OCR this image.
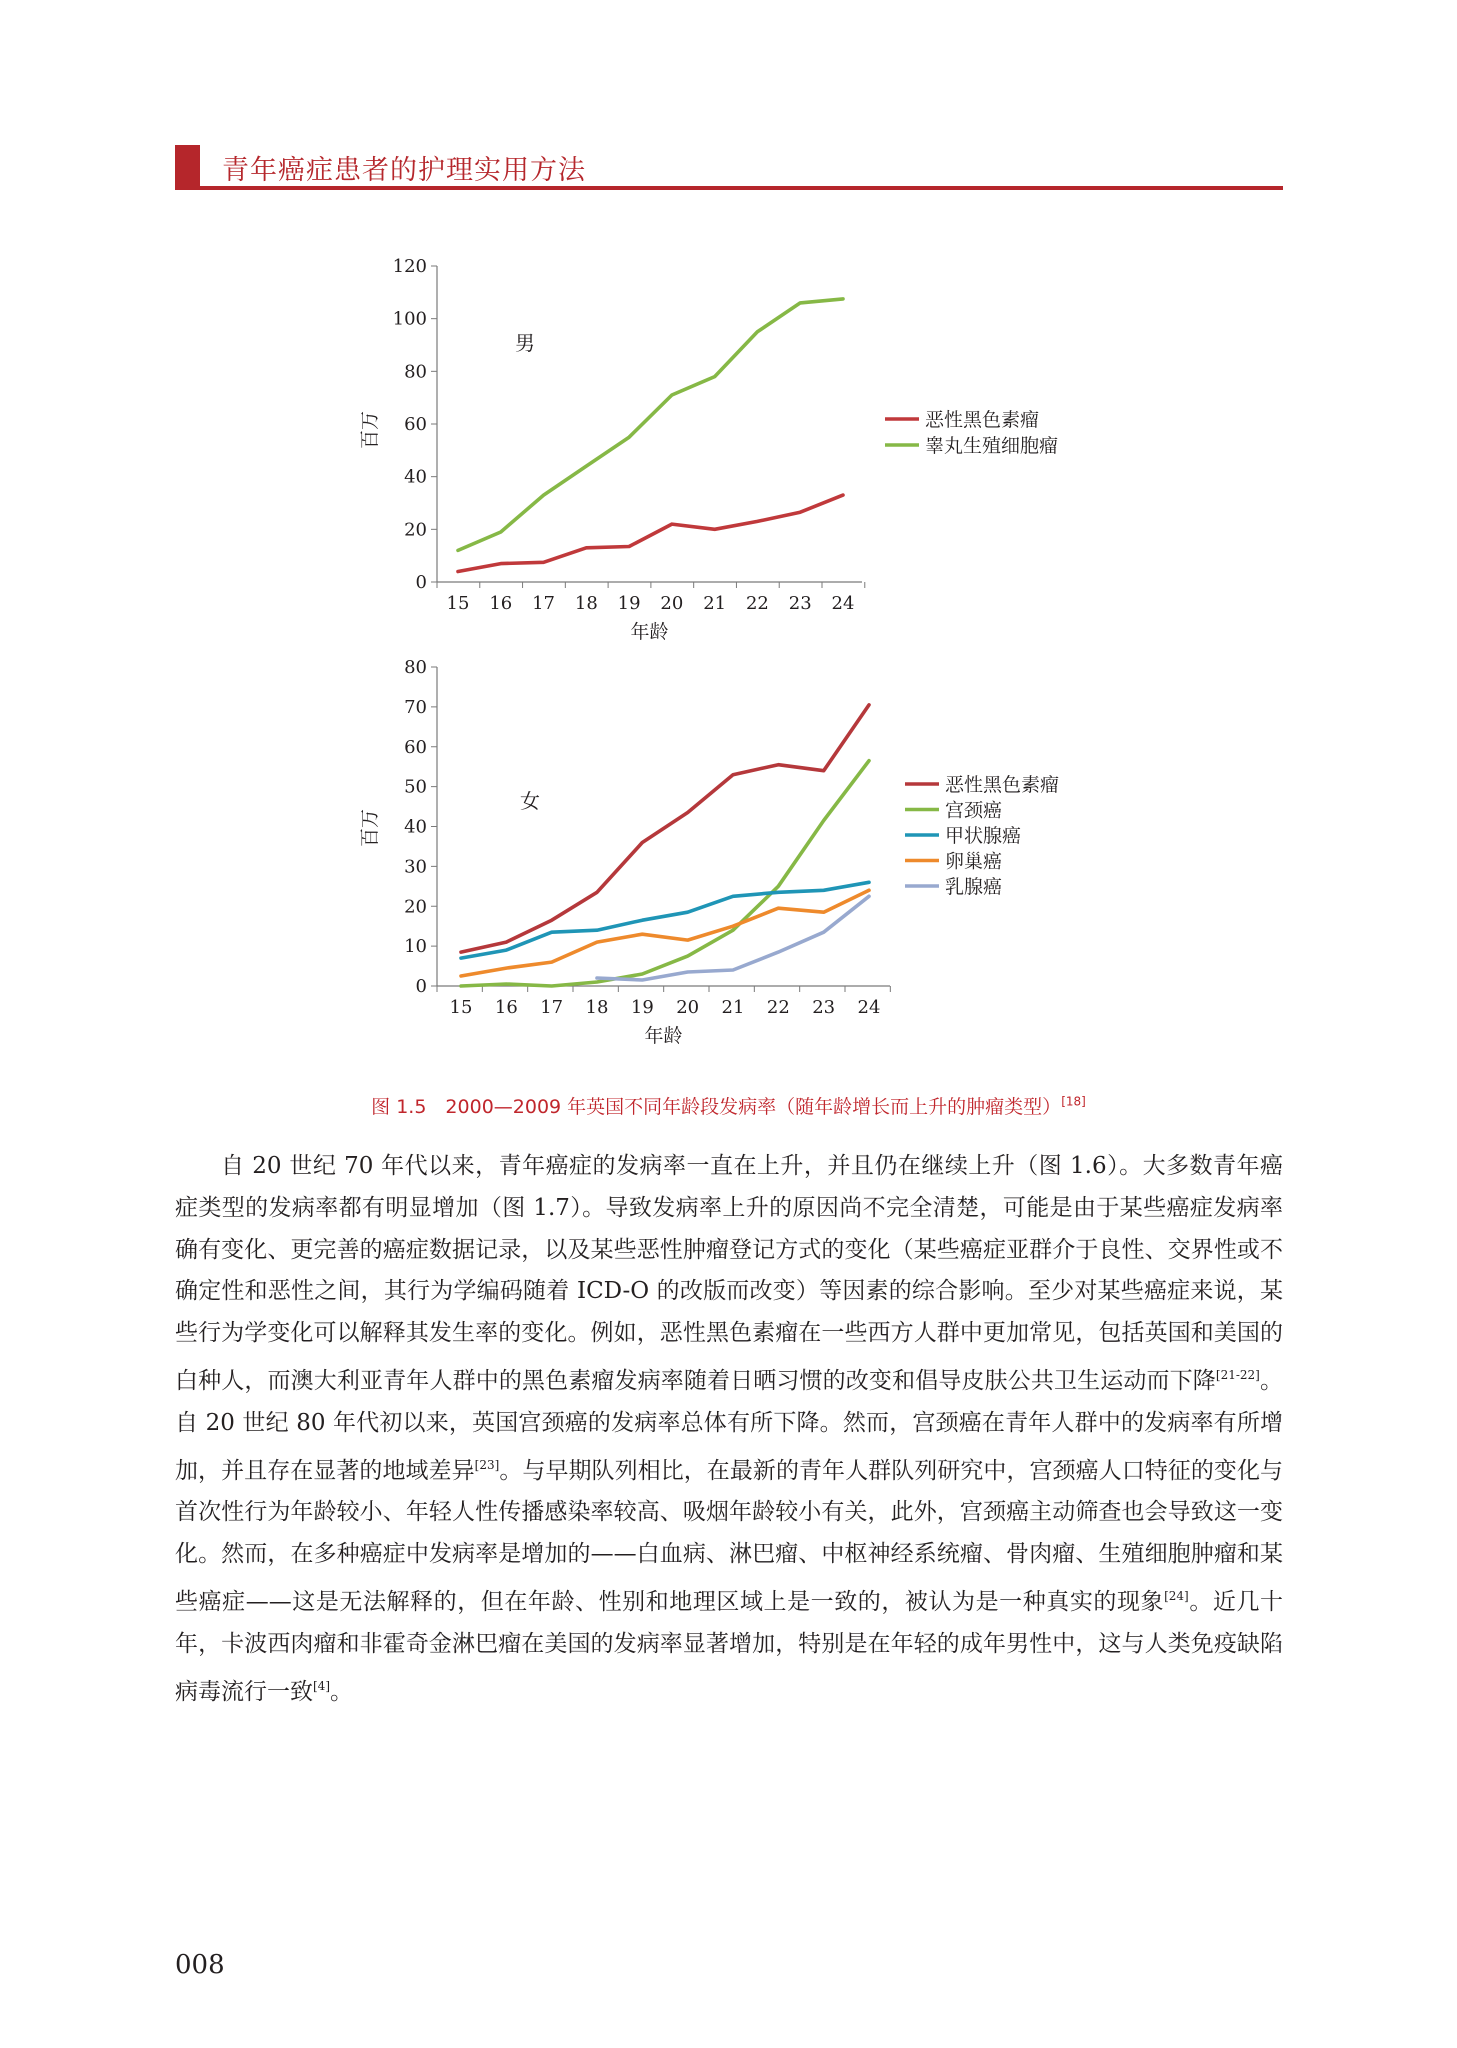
青年癌症患者的护理实用方法
0
20
40
60
80
100
120
15 16 17 18 19 20 21 22 23 24
年龄
百万
男
恶性黑色素瘤
睾丸生殖细胞瘤
0
10
20
30
40
50
60
70
80
15 16 17 18 19 20 21 22 23 24
年龄
百万
女
恶性黑色素瘤
宫颈癌
甲状腺癌
卵巢癌
乳腺癌
图 1.5　2000—2009 年英国不同年龄段发病率（随年龄增长而上升的肿瘤类型）[18]

自 20 世纪 70 年代以来，青年癌症的发病率一直在上升，并且仍在继续上升（图 1.6）。大多数青年癌症类型的发病率都有明显增加（图 1.7）。导致发病率上升的原因尚不完全清楚，可能是由于某些癌症发病率确有变化、更完善的癌症数据记录，以及某些恶性肿瘤登记方式的变化（某些癌症亚群介于良性、交界性或不确定性和恶性之间，其行为学编码随着 ICD-O 的改版而改变）等因素的综合影响。至少对某些癌症来说，某些行为学变化可以解释其发生率的变化。例如，恶性黑色素瘤在一些西方人群中更加常见，包括英国和美国的白种人，而澳大利亚青年人群中的黑色素瘤发病率随着日晒习惯的改变和倡导皮肤公共卫生运动而下降[21-22]。自 20 世纪 80 年代初以来，英国宫颈癌的发病率总体有所下降。然而，宫颈癌在青年人群中的发病率有所增加，并且存在显著的地域差异[23]。与早期队列相比，在最新的青年人群队列研究中，宫颈癌人口特征的变化与首次性行为年龄较小、年轻人性传播感染率较高、吸烟年龄较小有关，此外，宫颈癌主动筛查也会导致这一变化。然而，在多种癌症中发病率是增加的——白血病、淋巴瘤、中枢神经系统瘤、骨肉瘤、生殖细胞肿瘤和某些癌症——这是无法解释的，但在年龄、性别和地理区域上是一致的，被认为是一种真实的现象[24]。近几十年，卡波西肉瘤和非霍奇金淋巴瘤在美国的发病率显著增加，特别是在年轻的成年男性中，这与人类免疫缺陷病毒流行一致[4]。

008
